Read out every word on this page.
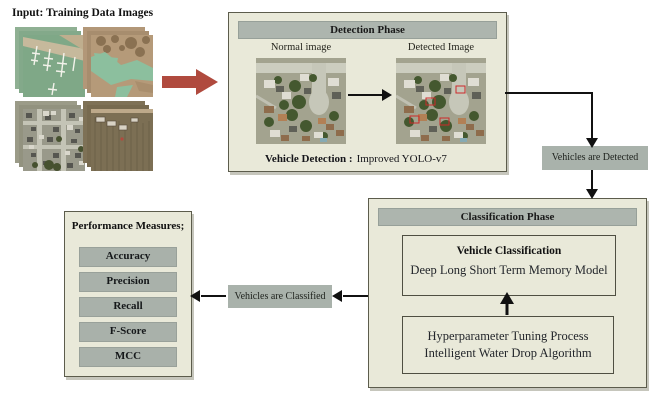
Input: Training Data Images
Detection Phase
Normal image	Detected Image
Vehicle Detection : Improved YOLO-v7	Vehicles are Detected
Vehicles are Classified
Classification Phase
Vehicle Classification
Deep Long Short Term Memory Model
Hyperparameter Tuning Process
Intelligent Water Drop Algorithm
Performance Measures;
Accuracy
Precision
Recall
F-Score
MCC
